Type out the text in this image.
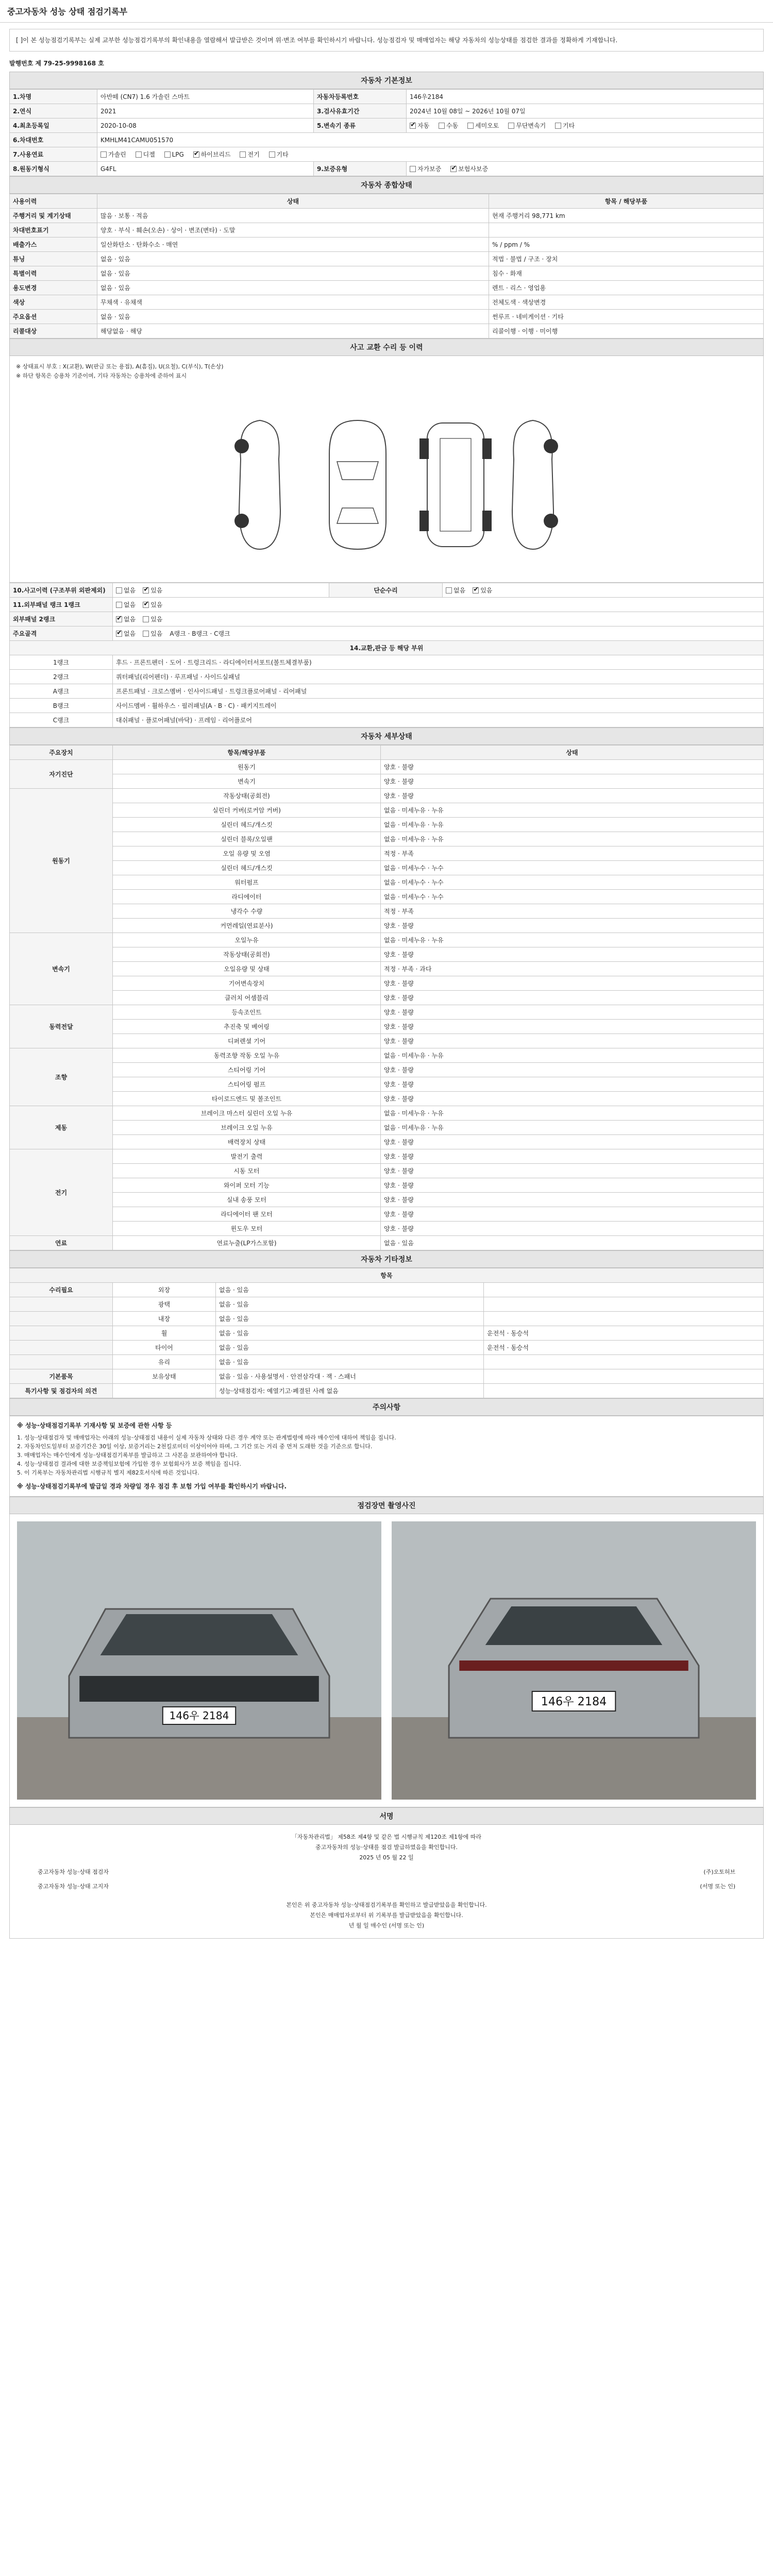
중고자동차 성능 상태 점검기록부
[ ]이 본 성능점검기록부는 실제 교부한 성능점검기록부의 확인내용을 열람해서 발급받은 것이며 위·변조 여부를 확인하시기 바랍니다. 성능점검자 및 매매업자는 해당 자동차의 성능상태를 점검한 결과를 정확하게 기재합니다.
발행번호 제 79-25-9998168 호
자동차 기본정보
1.차명	아반떼 (CN7) 1.6 가솔린 스마트	자동차등록번호	146우2184
2.연식	2021	3.검사유효기간	2024년 10월 08일 ~ 2026년 10월 07일
4.최초등록일	2020-10-08	5.변속기 종류	✔자동 수동 세미오토 무단변속기 기타
6.차대번호	KMHLM41CAMU051570		
7.사용연료	가솔린 디젤 LPG ✔ 하이브리드 전기 기타
8.원동기형식	G4FL	9.보증유형	자가보증 ✔ 보험사보증
자동차 종합상태
사용이력	상태	항목 / 해당부품
주행거리 및 계기상태	많음 · 보통 · 적음	현재 주행거리 98,771 km
차대번호표기	양호 · 부식 · 훼손(오손) · 상이 · 변조(변타) · 도말	
배출가스	일산화탄소 · 탄화수소 · 매연	% / ppm / %
튜닝	없음 · 있음	적법 · 불법 / 구조 · 장치
특별이력	없음 · 있음	침수 · 화재
용도변경	없음 · 있음	렌트 · 리스 · 영업용
색상	무채색 · 유채색	전체도색 · 색상변경
주요옵션	없음 · 있음	썬루프 · 네비게이션 · 기타
리콜대상	해당없음 · 해당	리콜이행 · 이행 · 미이행
사고 교환 수리 등 이력
※ 상태표시 부호 : X(교환), W(판금 또는 용접), A(흠집), U(요철), C(부식), T(손상)
※ 하단 항목은 승용차 기준이며, 기타 자동차는 승용차에 준하여 표시
10.사고이력 (구조부위 외판제외)	없음 ✔ 있음	단순수리	없음 ✔ 있음
11.외부패널 랭크 1랭크	없음 ✔ 있음
외부패널 2랭크	✔없음 있음
주요골격	✔없음 있음 A랭크 · B랭크 · C랭크
14.교환,판금 등 해당 부위			
1랭크	후드 · 프론트펜더 · 도어 · 트렁크리드 · 라디에이터서포트(볼트체결부품)		
2랭크	쿼터패널(리어펜더) · 루프패널 · 사이드실패널		
A랭크	프론트패널 · 크로스멤버 · 인사이드패널 · 트렁크플로어패널 · 리어패널		
B랭크	사이드멤버 · 휠하우스 · 필러패널(A · B · C) · 패키지트레이		
C랭크	대쉬패널 · 플로어패널(바닥) · 프레임 · 리어플로어		
자동차 세부상태
주요장치	항목/해당부품	상태
자기진단	원동기	양호 · 불량
	변속기	양호 · 불량
원동기	작동상태(공회전)	양호 · 불량
	실린더 커버(로커암 커버)	없음 · 미세누유 · 누유
	실린더 헤드/개스킷	없음 · 미세누유 · 누유
	실린더 블록/오일팬	없음 · 미세누유 · 누유
	오일 유량 및 오염	적정 · 부족
	실린더 헤드/개스킷	없음 · 미세누수 · 누수
	워터펌프	없음 · 미세누수 · 누수
	라디에이터	없음 · 미세누수 · 누수
	냉각수 수량	적정 · 부족
	커먼레일(연료분사)	양호 · 불량
변속기	오일누유	없음 · 미세누유 · 누유
	작동상태(공회전)	양호 · 불량
	오일유량 및 상태	적정 · 부족 · 과다
	기어변속장치	양호 · 불량
	클러치 어셈블리	양호 · 불량
동력전달	등속조인트	양호 · 불량
	추진축 및 베어링	양호 · 불량
	디퍼렌셜 기어	양호 · 불량
조향	동력조향 작동 오일 누유	없음 · 미세누유 · 누유
	스티어링 기어	양호 · 불량
	스티어링 펌프	양호 · 불량
	타이로드엔드 및 볼조인트	양호 · 불량
제동	브레이크 마스터 실린더 오일 누유	없음 · 미세누유 · 누유
	브레이크 오일 누유	없음 · 미세누유 · 누유
	배력장치 상태	양호 · 불량
전기	발전기 출력	양호 · 불량
	시동 모터	양호 · 불량
	와이퍼 모터 기능	양호 · 불량
	실내 송풍 모터	양호 · 불량
	라디에이터 팬 모터	양호 · 불량
	윈도우 모터	양호 · 불량
연료	연료누출(LP가스포함)	없음 · 있음
자동차 기타정보
항목			
수리필요	외장	없음 · 있음	
	광택	없음 · 있음	
	내장	없음 · 있음	
	휠	없음 · 있음	운전석 · 동승석
	타이어	없음 · 있음	운전석 · 동승석
	유리	없음 · 있음	
기본품목	보유상태	없음 · 있음 · 사용설명서 · 안전삼각대 · 잭 · 스패너	
특기사항 및 점검자의 의견		성능·상태점검자: 예열기고·폐결된 사례 없음	
주의사항
※ 성능·상태점검기록부 기재사항 및 보증에 관한 사항 등
1. 성능·상태점검자 및 매매업자는 아래의 성능·상태점검 내용이 실제 자동차 상태와 다른 경우 계약 또는 관계법령에 따라 매수인에 대하여 책임을 집니다.
2. 자동차인도일부터 보증기간은 30일 이상, 보증거리는 2천킬로미터 이상이어야 하며, 그 기간 또는 거리 중 먼저 도래한 것을 기준으로 합니다.
3. 매매업자는 매수인에게 성능·상태점검기록부를 발급하고 그 사본을 보관하여야 합니다.
4. 성능·상태점검 결과에 대한 보증책임보험에 가입한 경우 보험회사가 보증 책임을 집니다.
5. 이 기록부는 자동차관리법 시행규칙 별지 제82호서식에 따른 것입니다.
※ 성능·상태점검기록부에 발급일 경과 차량일 경우 점검 후 보험 가입 여부를 확인하시기 바랍니다.
점검장면 촬영사진
146우 2184
146우 2184
서명
「자동차관리법」 제58조 제4항 및 같은 법 시행규칙 제120조 제1항에 따라
중고자동차의 성능·상태를 점검 발급하였음을 확인합니다.
2025 년 05 월 22 일
중고자동차 성능·상태 점검자	(주)오토허브
중고자동차 성능·상태 고지자	(서명 또는 인)
본인은 위 중고자동차 성능·상태점검기록부를 확인하고 발급받았음을 확인합니다.
본인은 매매업자로부터 위 기록부를 발급받았음을 확인합니다.
년 월 일 매수인 (서명 또는 인)
